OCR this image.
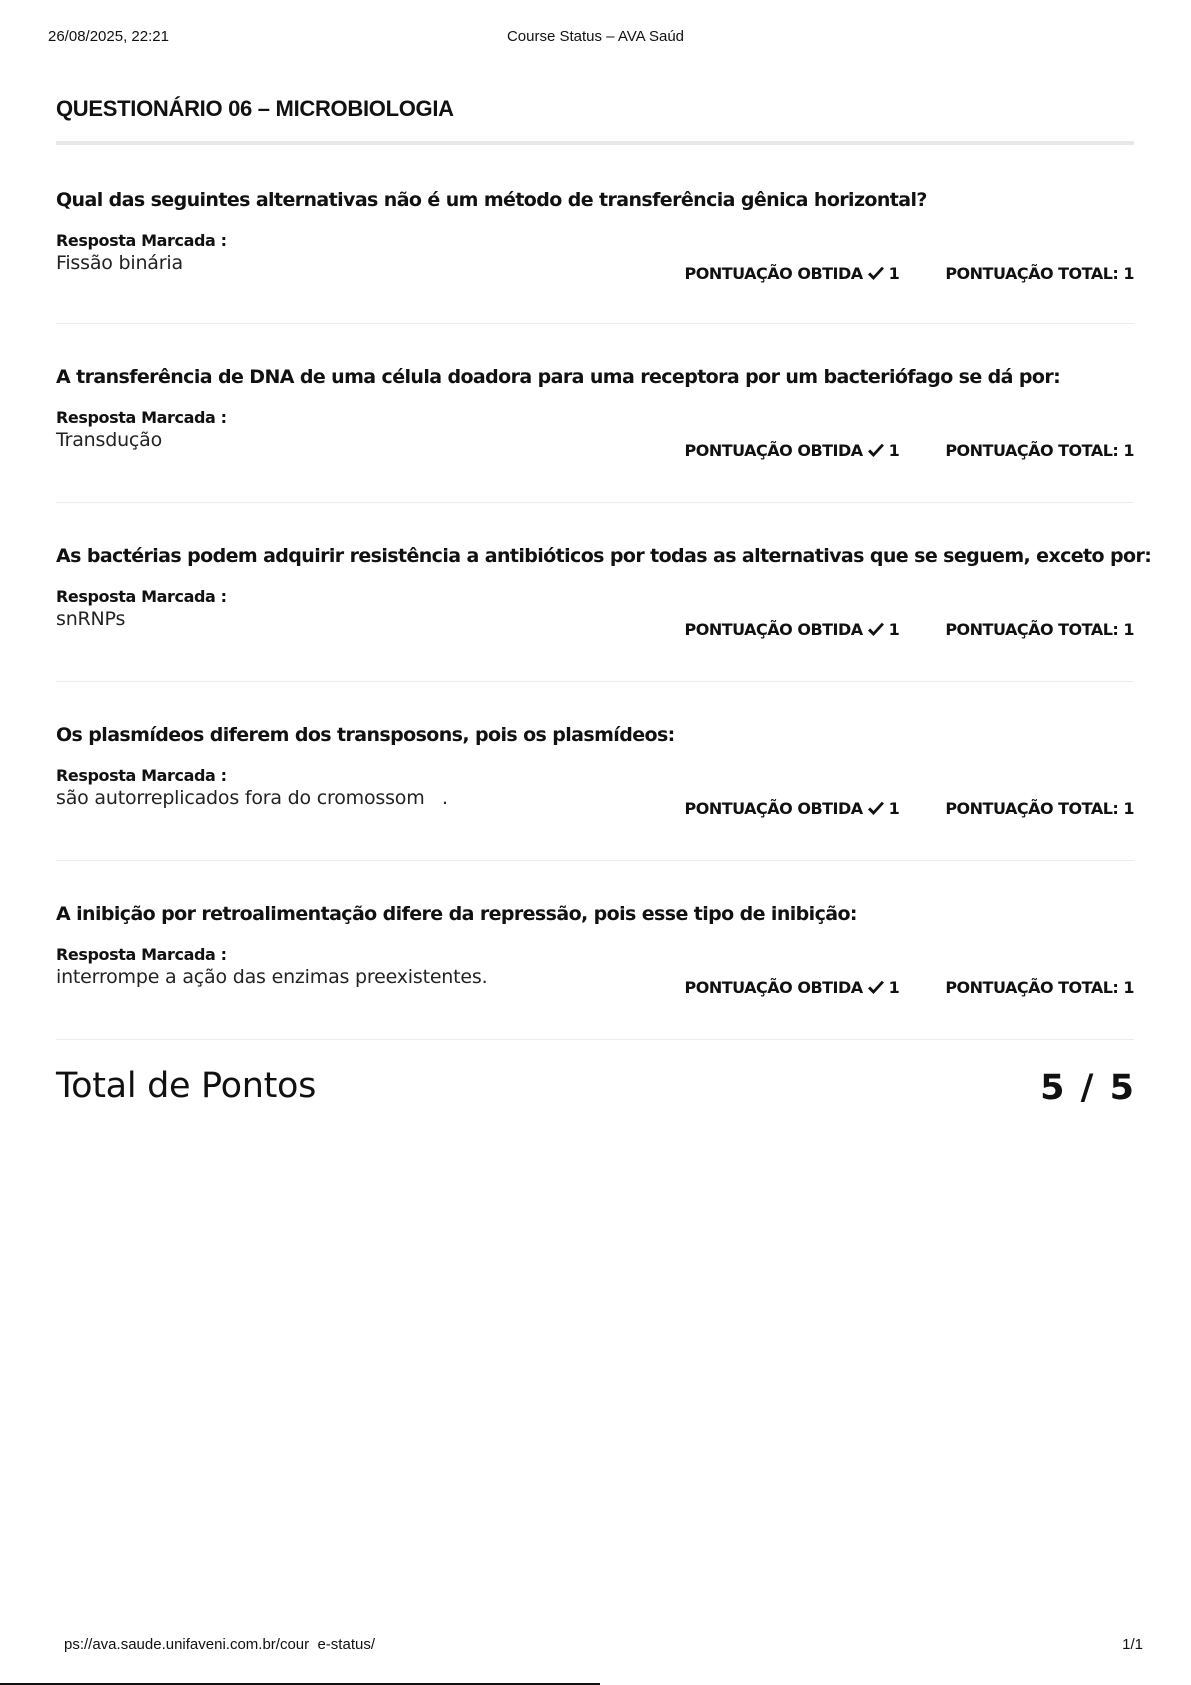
26/08/2025, 22:21	Course Status – AVA Saúd
QUESTIONÁRIO 06 – MICROBIOLOGIA
Qual das seguintes alternativas não é um método de transferência gênica horizontal?
Resposta Marcada :
Fissão binária	PONTUAÇÃO OBTIDA 1	PONTUAÇÃO TOTAL: 1
A transferência de DNA de uma célula doadora para uma receptora por um bacteriófago se dá por:
Resposta Marcada :
Transdução	PONTUAÇÃO OBTIDA 1	PONTUAÇÃO TOTAL: 1
As bactérias podem adquirir resistência a antibióticos por todas as alternativas que se seguem, exceto por:
Resposta Marcada :
snRNPs	PONTUAÇÃO OBTIDA 1	PONTUAÇÃO TOTAL: 1
Os plasmídeos diferem dos transposons, pois os plasmídeos:
Resposta Marcada :
são autorreplicados fora do cromossom   .	PONTUAÇÃO OBTIDA 1	PONTUAÇÃO TOTAL: 1
A inibição por retroalimentação difere da repressão, pois esse tipo de inibição:
Resposta Marcada :
interrompe a ação das enzimas preexistentes.	PONTUAÇÃO OBTIDA 1	PONTUAÇÃO TOTAL: 1
Total de Pontos	5 / 5
ps://ava.saude.unifaveni.com.br/cour  e-status/	1/1
